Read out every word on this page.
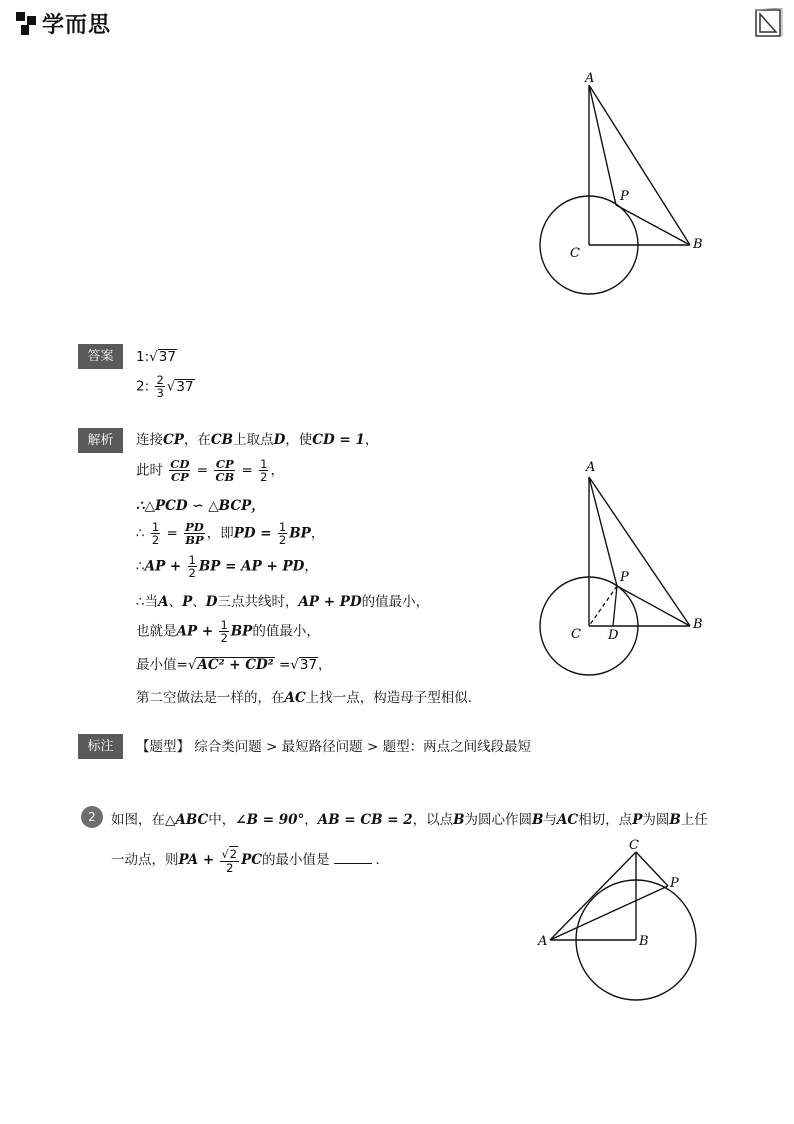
学而思
A
P
B
C
答案	1:√37
2: $\frac{2}{3} √37$
解析	连接CP，在CB上取点D，使CD = 1，
此时 $\frac{CD}{CP} = \frac{CP}{CB} = \frac{1}{2}$ ，
∴△PCD ∽ △BCP，
∴ $\frac{1}{2} = \frac{PD}{BP}$ ，即PD = $\frac{1}{2}$ BP，
∴AP + $\frac{1}{2}$ BP = AP + PD，
∴当A、P、D三点共线时，AP + PD的值最小，
也就是AP + $\frac{1}{2}$ BP的值最小，
最小值=√AC² + CD² =√37，
第二空做法是一样的，在AC上找一点，构造母子型相似．
A
P
B
C D
标注	【题型】 综合类问题 > 最短路径问题 > 题型：两点之间线段最短
2	如图，在△ABC中，∠B = 90°，AB = CB = 2，以点B为圆心作圆B与AC相切，点P为圆B上任
一动点，则PA + $\frac{√2}{2}$ PC的最小值是	．
C
P
A	B
